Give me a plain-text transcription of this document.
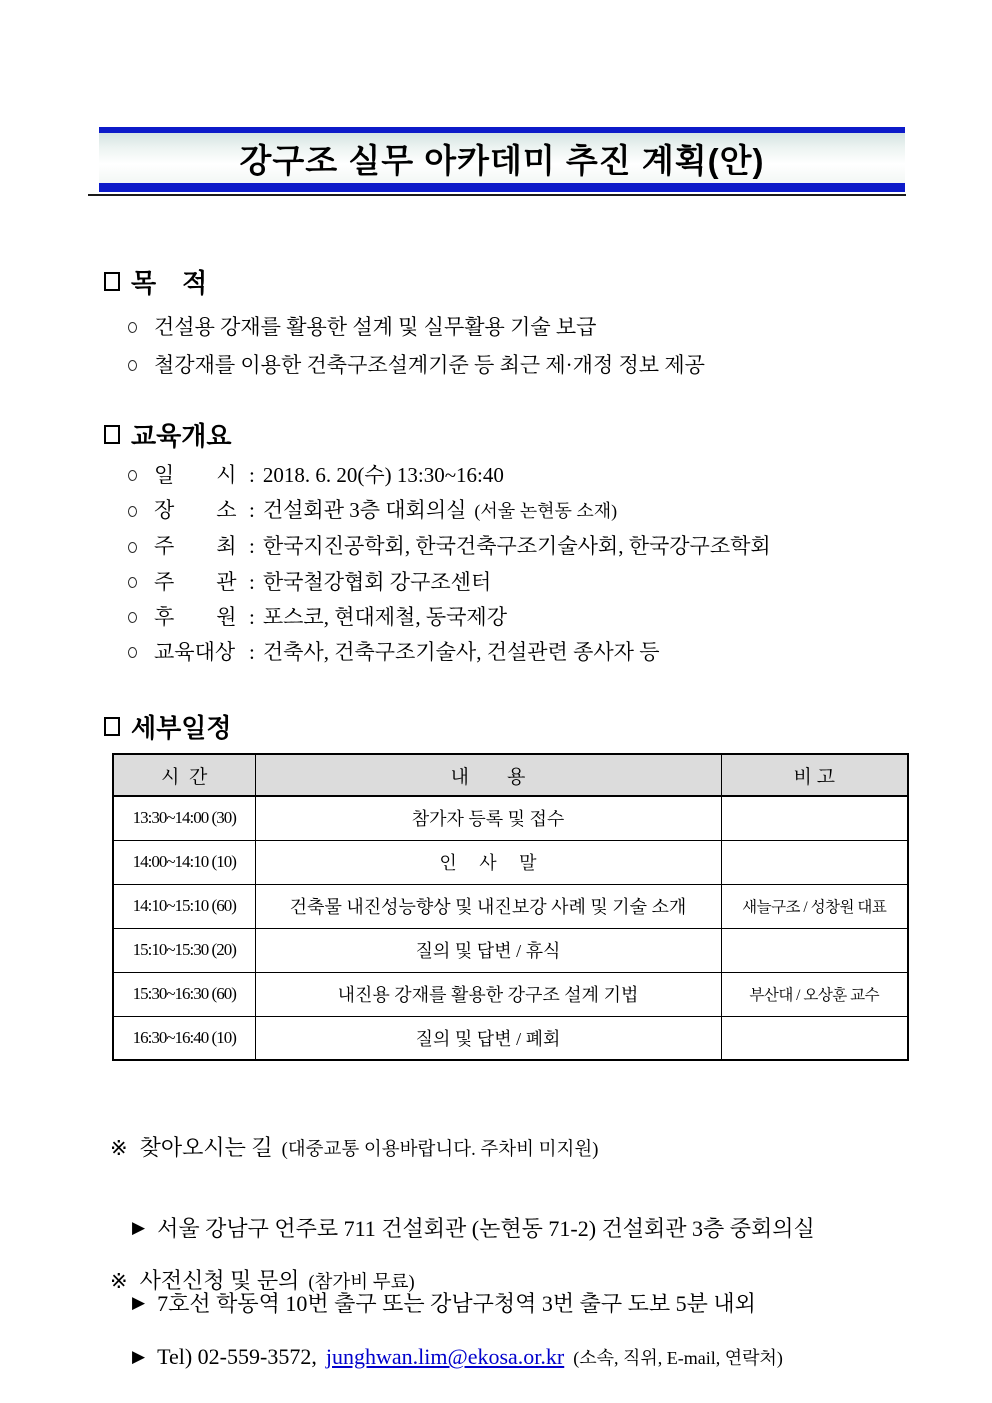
강구조 실무 아카데미 추진 계획(안)
목　적
건설용 강재를 활용한 설계 및 실무활용 기술 보급
철강재를 이용한 건축구조설계기준 등 최근 제·개정 정보 제공
교육개요
일　　시 : 2018. 6. 20(수) 13:30~16:40
장　　소 : 건설회관 3층 대회의실 (서울 논현동 소재)
주　　최 : 한국지진공학회, 한국건축구조기술사회, 한국강구조학회
주　　관 : 한국철강협회 강구조센터
후　　원 : 포스코, 현대제철, 동국제강
교육대상 : 건축사, 건축구조기술사, 건설관련 종사자 등
세부일정
시  간	내　　용	비 고
13:30~14:00 (30)	참가자 등록 및 접수	
14:00~14:10 (10)	인　 사　 말	
14:10~15:10 (60)	건축물 내진성능향상 및 내진보강 사례 및 기술 소개	새늘구조 / 성창원 대표
15:10~15:30 (20)	질의 및 답변 / 휴식	
15:30~16:30 (60)	내진용 강재를 활용한 강구조 설계 기법	부산대 / 오상훈 교수
16:30~16:40 (10)	질의 및 답변 / 폐회	

※ 찾아오시는 길 (대중교통 이용바랍니다. 주차비 미지원)

▶ 서울 강남구 언주로 711 건설회관 (논현동 71-2) 건설회관 3층 중회의실

▶ 7호선 학동역 10번 출구 또는 강남구청역 3번 출구 도보 5분 내외

※ 사전신청 및 문의 (참가비 무료)

▶ Tel) 02-559-3572, junghwan.lim@ekosa.or.kr (소속, 직위, E-mail, 연락처)
